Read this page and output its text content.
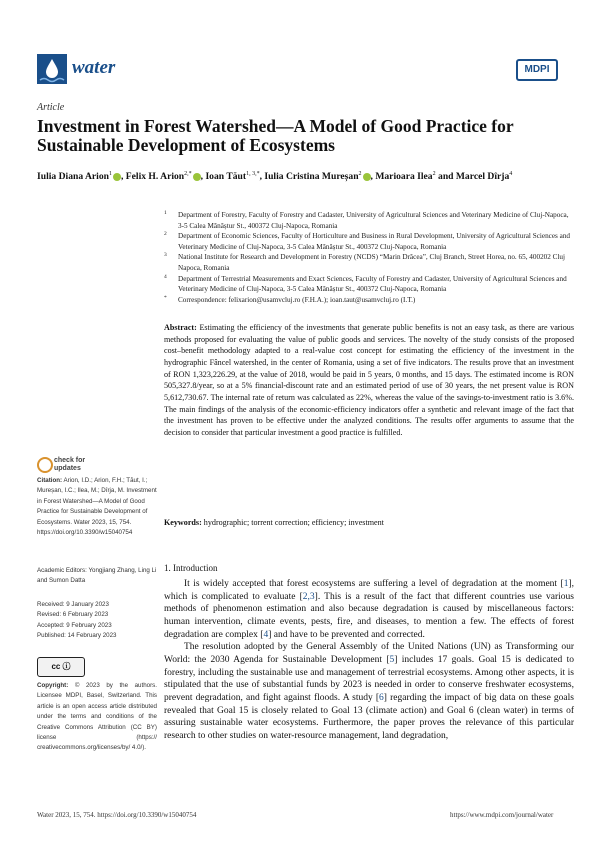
water	MDPI
Article
Investment in Forest Watershed—A Model of Good Practice for Sustainable Development of Ecosystems
Iulia Diana Arion$^1$ , Felix H. Arion$^{2,*}$ , Ioan Tăut$^{1, 3,*}$, Iulia Cristina Mureșan$^2$ , Marioara Ilea$^2$ and Marcel Dîrja$^4$
1 Department of Forestry, Faculty of Forestry and Cadaster, University of Agricultural Sciences and Veterinary Medicine of Cluj-Napoca, 3-5 Calea Mănăștur St., 400372 Cluj-Napoca, Romania
2 Department of Economic Sciences, Faculty of Horticulture and Business in Rural Development, University of Agricultural Sciences and Veterinary Medicine of Cluj-Napoca, 3-5 Calea Mănăștur St., 400372 Cluj-Napoca, Romania
3 National Institute for Research and Development in Forestry (NCDS) “Marin Drăcea”, Cluj Branch, Street Horea, no. 65, 400202 Cluj Napoca, Romania
4 Department of Terrestrial Measurements and Exact Sciences, Faculty of Forestry and Cadaster, University of Agricultural Sciences and Veterinary Medicine of Cluj-Napoca, 3-5 Calea Mănăștur St., 400372 Cluj-Napoca, Romania
* Correspondence: felixarion@usamvcluj.ro (F.H.A.); ioan.taut@usamvcluj.ro (I.T.)
Abstract: Estimating the efficiency of the investments that generate public benefits is not an easy task, as there are various methods proposed for evaluating the value of public goods and services. The novelty of the study consists of the proposed cost–benefit methodology adapted to a real-value cost concept for estimating the efficiency of the investment in the hydrographic Fâncel watershed, in the center of Romania, using a set of five indicators. The results prove that an investment of RON 1,323,226.29, at the value of 2018, would be paid in 5 years, 0 months, and 15 days. The estimated income is RON 505,327.8/year, so at a 5% financial-discount rate and an estimated period of use of 30 years, the net present value is RON 5,612,730.67. The internal rate of return was calculated as 22%, whereas the value of the savings-to-investment ratio is 3.6%. The main findings of the analysis of the economic-efficiency indicators offer a synthetic and relevant image of the fact that the investment has proven to be effective under the analyzed conditions. The results offer arguments to assume that the decision to consider that particular investment a good practice is fulfilled.
Keywords: hydrographic; torrent correction; efficiency; investment
check for updates
Citation: Arion, I.D.; Arion, F.H.; Tăut, I.; Mureșan, I.C.; Ilea, M.; Dîrja, M. Investment in Forest Watershed—A Model of Good Practice for Sustainable Development of Ecosystems. Water 2023, 15, 754. https://doi.org/10.3390/w15040754
Academic Editors: Yongjiang Zhang, Ling Li and Sumon Datta
Received: 9 January 2023
Revised: 6 February 2023
Accepted: 9 February 2023
Published: 14 February 2023
cc ⓘ
Copyright: © 2023 by the authors. Licensee MDPI, Basel, Switzerland. This article is an open access article distributed under the terms and conditions of the Creative Commons Attribution (CC BY) license (https:// creativecommons.org/licenses/by/ 4.0/).
1. Introduction

It is widely accepted that forest ecosystems are suffering a level of degradation at the moment [1], which is complicated to evaluate [2,3]. This is a result of the fact that different countries use various methods of phenomenon estimation and also because degradation is caused by miscellaneous factors: human intervention, climate events, pests, fire, and diseases, to mention a few. The effects of forest degradation are complex [4] and have to be prevented and corrected.

The resolution adopted by the General Assembly of the United Nations (UN) as Transforming our World: the 2030 Agenda for Sustainable Development [5] includes 17 goals. Goal 15 is dedicated to forestry, including the sustainable use and management of terrestrial ecosystems. Among other aspects, it is stipulated that the use of substantial funds by 2023 is needed in order to conserve freshwater ecosystems, prevent degradation, and fight against floods. A study [6] regarding the impact of big data on these goals revealed that Goal 15 is closely related to Goal 13 (climate action) and Goal 6 (clean water) in terms of assuring sustainable water ecosystems. Furthermore, the paper proves the relevance of this particular research to other studies on water-resource management, land degradation,

Water 2023, 15, 754. https://doi.org/10.3390/w15040754	https://www.mdpi.com/journal/water
